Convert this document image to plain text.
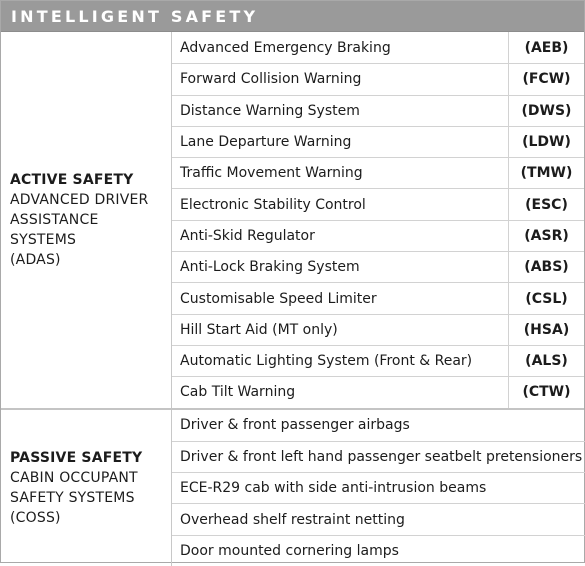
INTELLIGENT SAFETY
ACTIVE SAFETY
ADVANCED DRIVER
ASSISTANCE
SYSTEMS
(ADAS)
Advanced Emergency Braking	(AEB)
Forward Collision Warning	(FCW)
Distance Warning System	(DWS)
Lane Departure Warning	(LDW)
Traffic Movement Warning	(TMW)
Electronic Stability Control	(ESC)
Anti-Skid Regulator	(ASR)
Anti-Lock Braking System	(ABS)
Customisable Speed Limiter	(CSL)
Hill Start Aid (MT only)	(HSA)
Automatic Lighting System (Front & Rear)	(ALS)
Cab Tilt Warning	(CTW)
PASSIVE SAFETY
CABIN OCCUPANT
SAFETY SYSTEMS
(COSS)
Driver & front passenger airbags
Driver & front left hand passenger seatbelt pretensioners
ECE-R29 cab with side anti-intrusion beams
Overhead shelf restraint netting
Door mounted cornering lamps
